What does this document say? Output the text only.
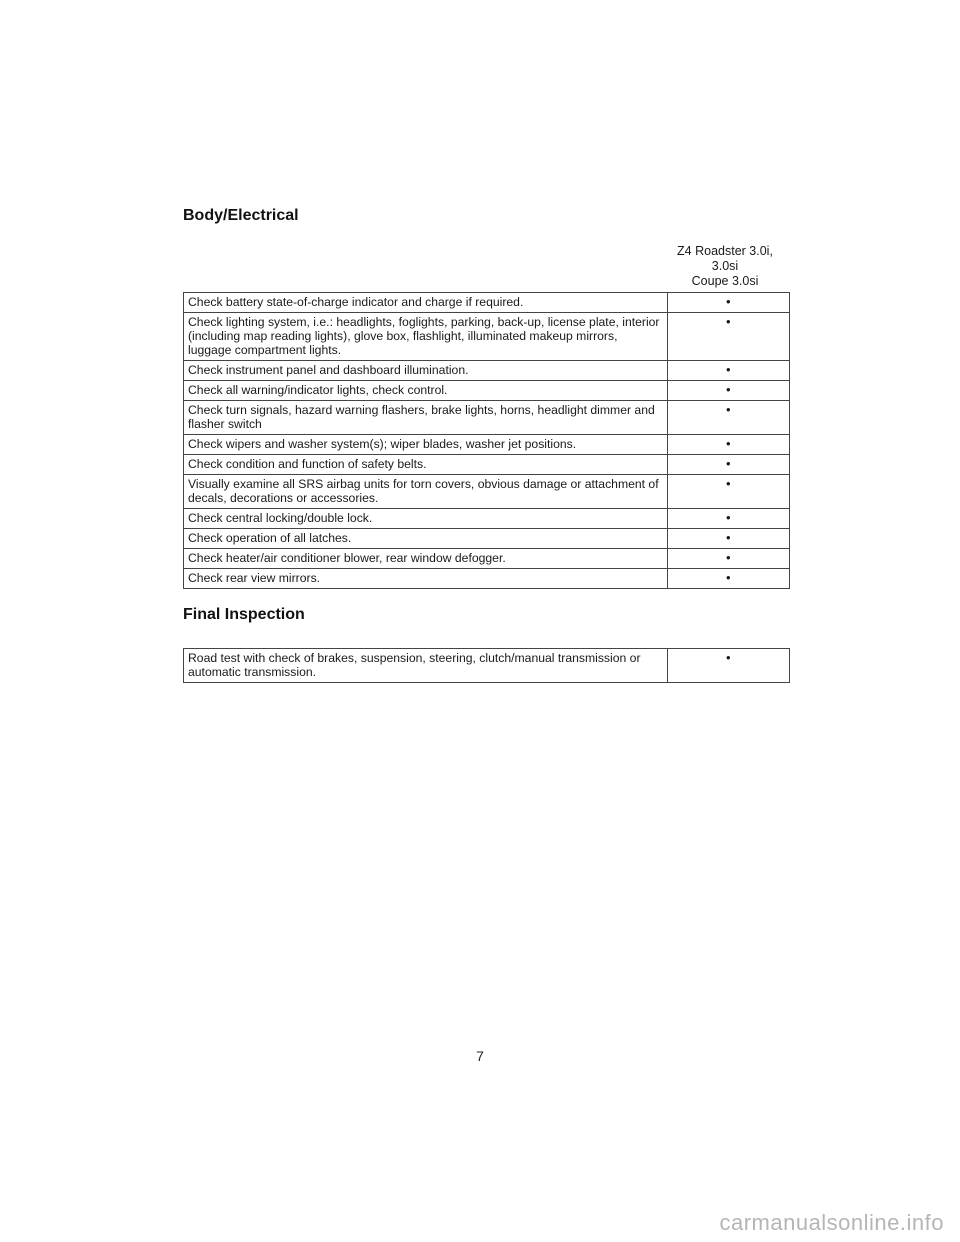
Body/Electrical
Z4 Roadster 3.0i,
3.0si
Coupe 3.0si
Check battery state-of-charge indicator and charge if required.	•
Check lighting system, i.e.: headlights, foglights, parking, back-up, license plate, interior (including map reading lights), glove box, flashlight, illuminated makeup mirrors, luggage compartment lights.	•
Check instrument panel and dashboard illumination.	•
Check all warning/indicator lights, check control.	•
Check turn signals, hazard warning flashers, brake lights, horns, headlight dimmer and flasher switch	•
Check wipers and washer system(s); wiper blades, washer jet positions.	•
Check condition and function of safety belts.	•
Visually examine all SRS airbag units for torn covers, obvious damage or attachment of decals, decorations or accessories.	•
Check central locking/double lock.	•
Check operation of all latches.	•
Check heater/air conditioner blower, rear window defogger.	•
Check rear view mirrors.	•
Final Inspection
Road test with check of brakes, suspension, steering, clutch/manual transmission or automatic transmission.	•
7
carmanualsonline.info
